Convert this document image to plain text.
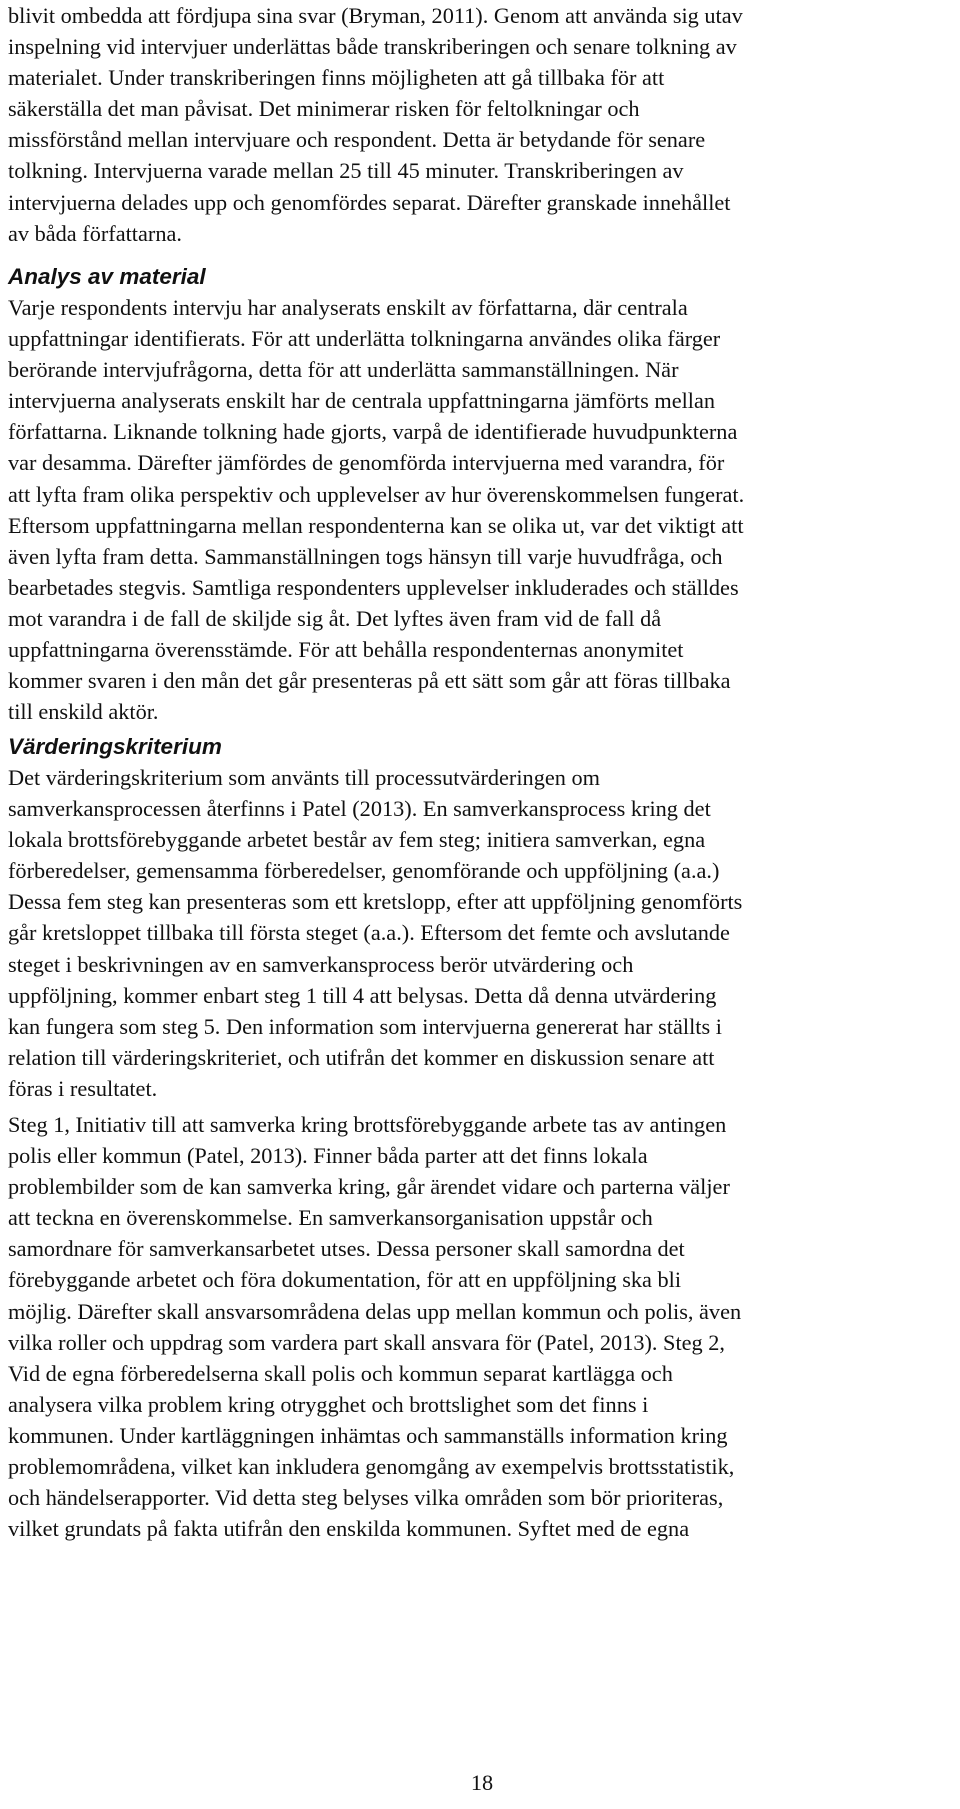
blivit ombedda att fördjupa sina svar (Bryman, 2011). Genom att använda sig utav
inspelning vid intervjuer underlättas både transkriberingen och senare tolkning av
materialet. Under transkriberingen finns möjligheten att gå tillbaka för att
säkerställa det man påvisat. Det minimerar risken för feltolkningar och
missförstånd mellan intervjuare och respondent. Detta är betydande för senare
tolkning. Intervjuerna varade mellan 25 till 45 minuter. Transkriberingen av
intervjuerna delades upp och genomfördes separat. Därefter granskade innehållet
av båda författarna.
Analys av material
Varje respondents intervju har analyserats enskilt av författarna, där centrala
uppfattningar identifierats. För att underlätta tolkningarna användes olika färger
berörande intervjufrågorna, detta för att underlätta sammanställningen. När
intervjuerna analyserats enskilt har de centrala uppfattningarna jämförts mellan
författarna. Liknande tolkning hade gjorts, varpå de identifierade huvudpunkterna
var desamma. Därefter jämfördes de genomförda intervjuerna med varandra, för
att lyfta fram olika perspektiv och upplevelser av hur överenskommelsen fungerat.
Eftersom uppfattningarna mellan respondenterna kan se olika ut, var det viktigt att
även lyfta fram detta. Sammanställningen togs hänsyn till varje huvudfråga, och
bearbetades stegvis. Samtliga respondenters upplevelser inkluderades och ställdes
mot varandra i de fall de skiljde sig åt. Det lyftes även fram vid de fall då
uppfattningarna överensstämde. För att behålla respondenternas anonymitet
kommer svaren i den mån det går presenteras på ett sätt som går att föras tillbaka
till enskild aktör.
Värderingskriterium
Det värderingskriterium som använts till processutvärderingen om
samverkansprocessen återfinns i Patel (2013). En samverkansprocess kring det
lokala brottsförebyggande arbetet består av fem steg; initiera samverkan, egna
förberedelser, gemensamma förberedelser, genomförande och uppföljning (a.a.)
Dessa fem steg kan presenteras som ett kretslopp, efter att uppföljning genomförts
går kretsloppet tillbaka till första steget (a.a.). Eftersom det femte och avslutande
steget i beskrivningen av en samverkansprocess berör utvärdering och
uppföljning, kommer enbart steg 1 till 4 att belysas. Detta då denna utvärdering
kan fungera som steg 5. Den information som intervjuerna genererat har ställts i
relation till värderingskriteriet, och utifrån det kommer en diskussion senare att
föras i resultatet.
Steg 1, Initiativ till att samverka kring brottsförebyggande arbete tas av antingen
polis eller kommun (Patel, 2013). Finner båda parter att det finns lokala
problembilder som de kan samverka kring, går ärendet vidare och parterna väljer
att teckna en överenskommelse. En samverkansorganisation uppstår och
samordnare för samverkansarbetet utses. Dessa personer skall samordna det
förebyggande arbetet och föra dokumentation, för att en uppföljning ska bli
möjlig. Därefter skall ansvarsområdena delas upp mellan kommun och polis, även
vilka roller och uppdrag som vardera part skall ansvara för (Patel, 2013). Steg 2,
Vid de egna förberedelserna skall polis och kommun separat kartlägga och
analysera vilka problem kring otrygghet och brottslighet som det finns i
kommunen. Under kartläggningen inhämtas och sammanställs information kring
problemområdena, vilket kan inkludera genomgång av exempelvis brottsstatistik,
och händelserapporter. Vid detta steg belyses vilka områden som bör prioriteras,
vilket grundats på fakta utifrån den enskilda kommunen. Syftet med de egna
18
